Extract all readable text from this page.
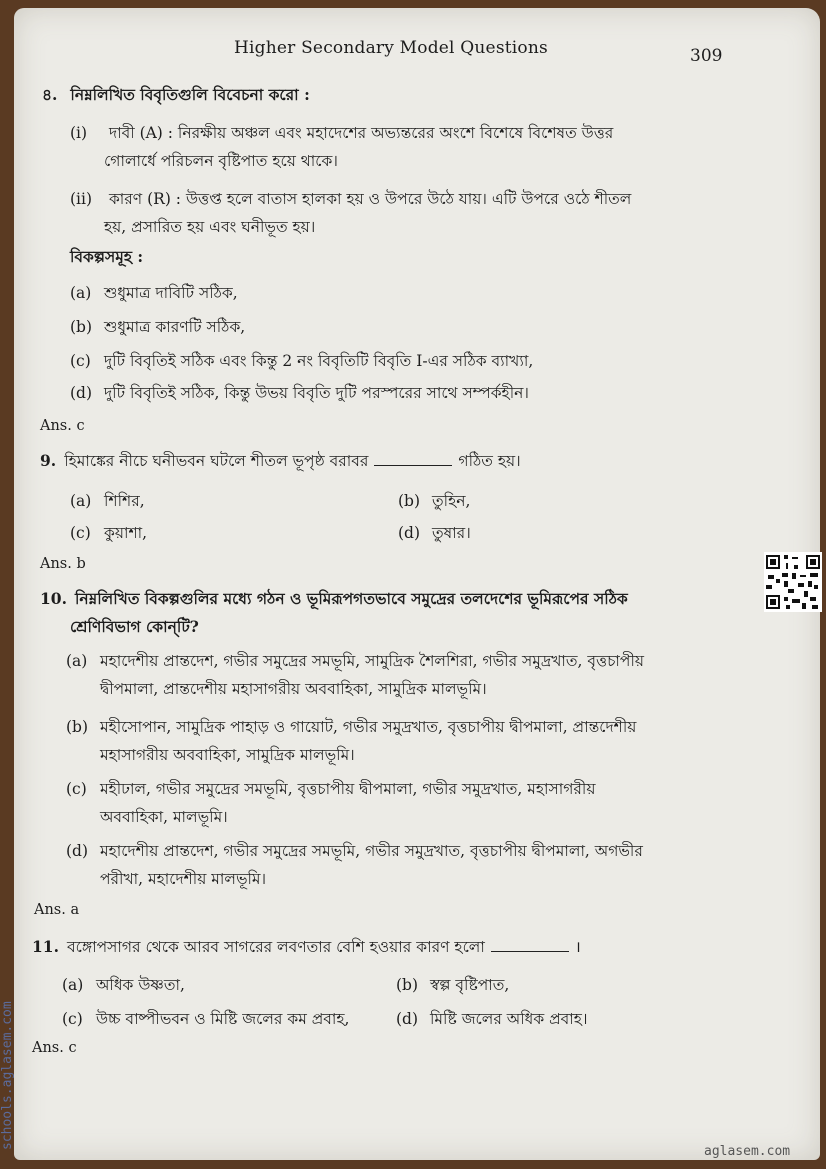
Higher Secondary Model Questions	309
৪. নিম্নলিখিত বিবৃতিগুলি বিবেচনা করো :
(i) দাবী (A) : নিরক্ষীয় অঞ্চল এবং মহাদেশের অভ্যন্তরের অংশে বিশেষে বিশেষত উত্তর
গোলার্ধে পরিচলন বৃষ্টিপাত হয়ে থাকে।
(ii) কারণ (R) : উত্তপ্ত হলে বাতাস হালকা হয় ও উপরে উঠে যায়। এটি উপরে ওঠে শীতল
হয়, প্রসারিত হয় এবং ঘনীভূত হয়।
বিকল্পসমূহ :
(a) শুধুমাত্র দাবিটি সঠিক,
(b) শুধুমাত্র কারণটি সঠিক,
(c) দুটি বিবৃতিই সঠিক এবং কিন্তু 2 নং বিবৃতিটি বিবৃতি I-এর সঠিক ব্যাখ্যা,
(d) দুটি বিবৃতিই সঠিক, কিন্তু উভয় বিবৃতি দুটি পরস্পরের সাথে সম্পর্কহীন।
Ans. c
9. হিমাঙ্কের নীচে ঘনীভবন ঘটলে শীতল ভূপৃষ্ঠ বরাবর	গঠিত হয়।
(a) শিশির,	(b) তুহিন,
(c) কুয়াশা,	(d) তুষার।
Ans. b
10. নিম্নলিখিত বিকল্পগুলির মধ্যে গঠন ও ভূমিরূপগতভাবে সমুদ্রের তলদেশের ভূমিরূপের সঠিক
শ্রেণিবিভাগ কোন্‌টি?
(a) মহাদেশীয় প্রান্তদেশ, গভীর সমুদ্রের সমভূমি, সামুদ্রিক শৈলশিরা, গভীর সমুদ্রখাত, বৃত্তচাপীয়
দ্বীপমালা, প্রান্তদেশীয় মহাসাগরীয় অববাহিকা, সামুদ্রিক মালভূমি।
(b) মহীসোপান, সামুদ্রিক পাহাড় ও গায়োট, গভীর সমুদ্রখাত, বৃত্তচাপীয় দ্বীপমালা, প্রান্তদেশীয়
মহাসাগরীয় অববাহিকা, সামুদ্রিক মালভূমি।
(c) মহীঢাল, গভীর সমুদ্রের সমভূমি, বৃত্তচাপীয় দ্বীপমালা, গভীর সমুদ্রখাত, মহাসাগরীয়
অববাহিকা, মালভূমি।
(d) মহাদেশীয় প্রান্তদেশ, গভীর সমুদ্রের সমভূমি, গভীর সমুদ্রখাত, বৃত্তচাপীয় দ্বীপমালা, অগভীর
পরীখা, মহাদেশীয় মালভূমি।
Ans. a
11. বঙ্গোপসাগর থেকে আরব সাগরের লবণতার বেশি হওয়ার কারণ হলো	।
(a) অধিক উষ্ণতা,	(b) স্বল্প বৃষ্টিপাত,
(c) উচ্চ বাষ্পীভবন ও মিষ্টি জলের কম প্রবাহ,	(d) মিষ্টি জলের অধিক প্রবাহ।
Ans. c
schools.aglasem.com
aglasem.com
